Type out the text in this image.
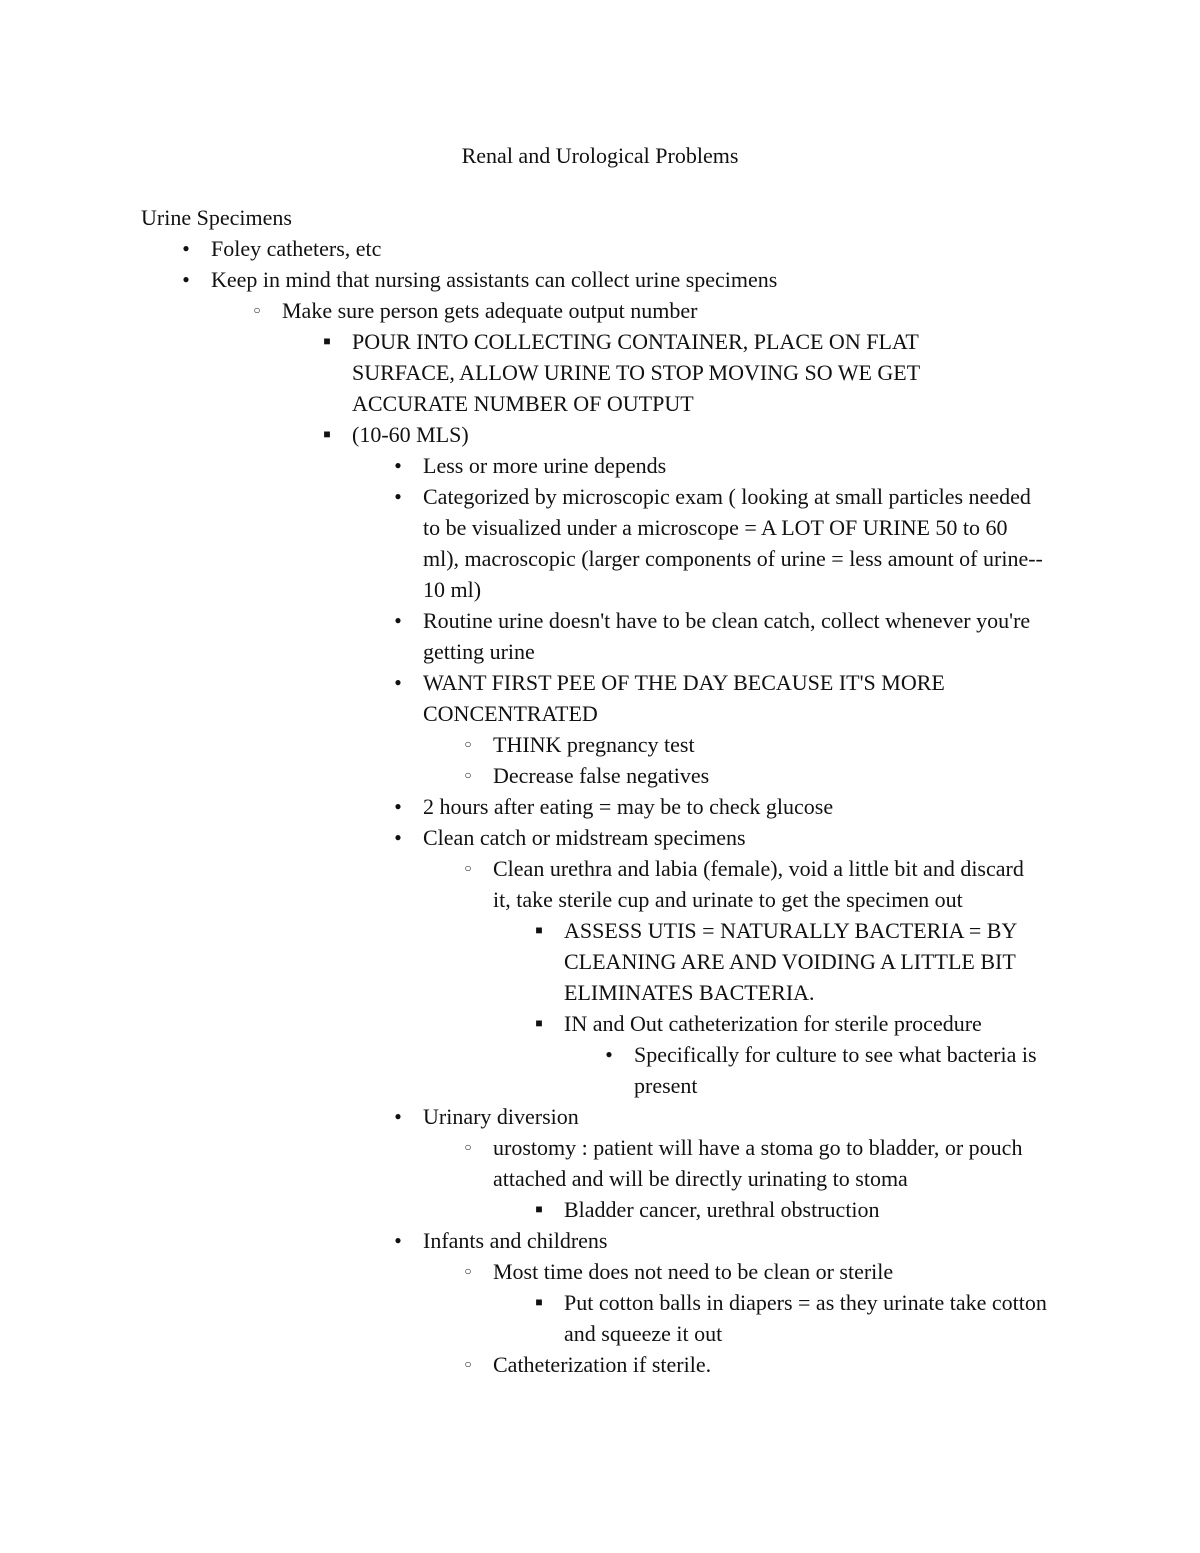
Renal and Urological Problems
Urine Specimens
●
Foley catheters, etc
●
Keep in mind that nursing assistants can collect urine specimens
○
Make sure person gets adequate output number
■
POUR INTO COLLECTING CONTAINER, PLACE ON FLAT SURFACE, ALLOW URINE TO STOP MOVING SO WE GET ACCURATE NUMBER OF OUTPUT
■
(10-60 MLS)
●
Less or more urine depends
●
Categorized by microscopic exam ( looking at small particles needed to be visualized under a microscope = A LOT OF URINE 50 to 60 ml), macroscopic (larger components of urine = less amount of urine-- 10 ml)
●
Routine urine doesn't have to be clean catch, collect whenever you're getting urine
●
WANT FIRST PEE OF THE DAY BECAUSE IT'S MORE CONCENTRATED
○
THINK pregnancy test
○
Decrease false negatives
●
2 hours after eating = may be to check glucose
●
Clean catch or midstream specimens
○
Clean urethra and labia (female), void a little bit and discard it, take sterile cup and urinate to get the specimen out
■
ASSESS UTIS = NATURALLY BACTERIA = BY CLEANING ARE AND VOIDING A LITTLE BIT ELIMINATES BACTERIA.
■
IN and Out catheterization for sterile procedure
●
Specifically for culture to see what bacteria is present
●
Urinary diversion
○
urostomy : patient will have a stoma go to bladder, or pouch attached and will be directly urinating to stoma
■
Bladder cancer, urethral obstruction
●
Infants and childrens
○
Most time does not need to be clean or sterile
■
Put cotton balls in diapers = as they urinate take cotton and squeeze it out
○
Catheterization if sterile.
